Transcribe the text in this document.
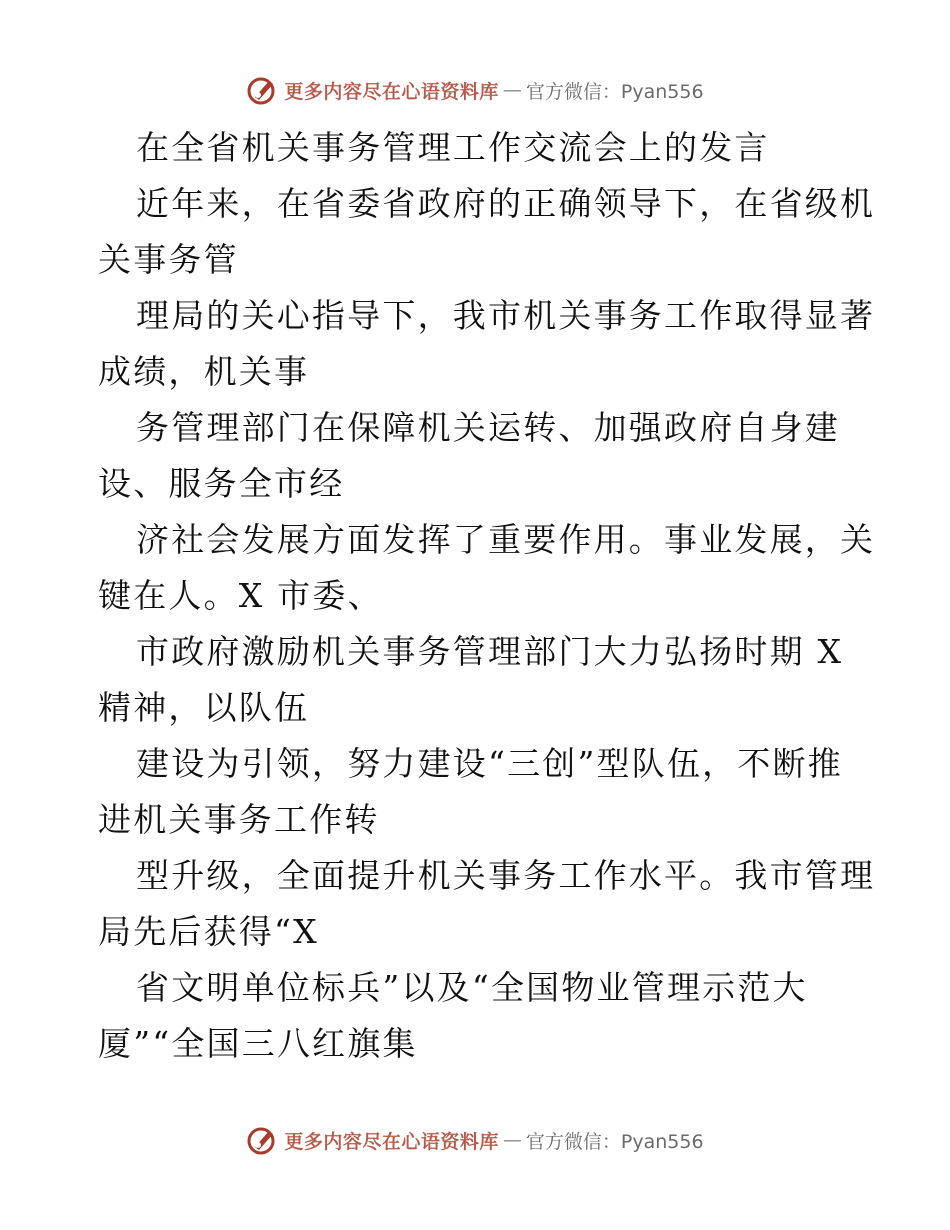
更多内容尽在心语资料库 — 官方微信：Pyan556
在全省机关事务管理工作交流会上的发言
近年来，在省委省政府的正确领导下，在省级机
关事务管
理局的关心指导下，我市机关事务工作取得显著
成绩，机关事
务管理部门在保障机关运转、加强政府自身建
设、服务全市经
济社会发展方面发挥了重要作用。事业发展，关
键在人。X 市委、
市政府激励机关事务管理部门大力弘扬时期 X
精神，以队伍
建设为引领，努力建设“三创”型队伍，不断推
进机关事务工作转
型升级，全面提升机关事务工作水平。我市管理
局先后获得“X
省文明单位标兵”以及“全国物业管理示范大
厦”“全国三八红旗集
更多内容尽在心语资料库 — 官方微信：Pyan556
